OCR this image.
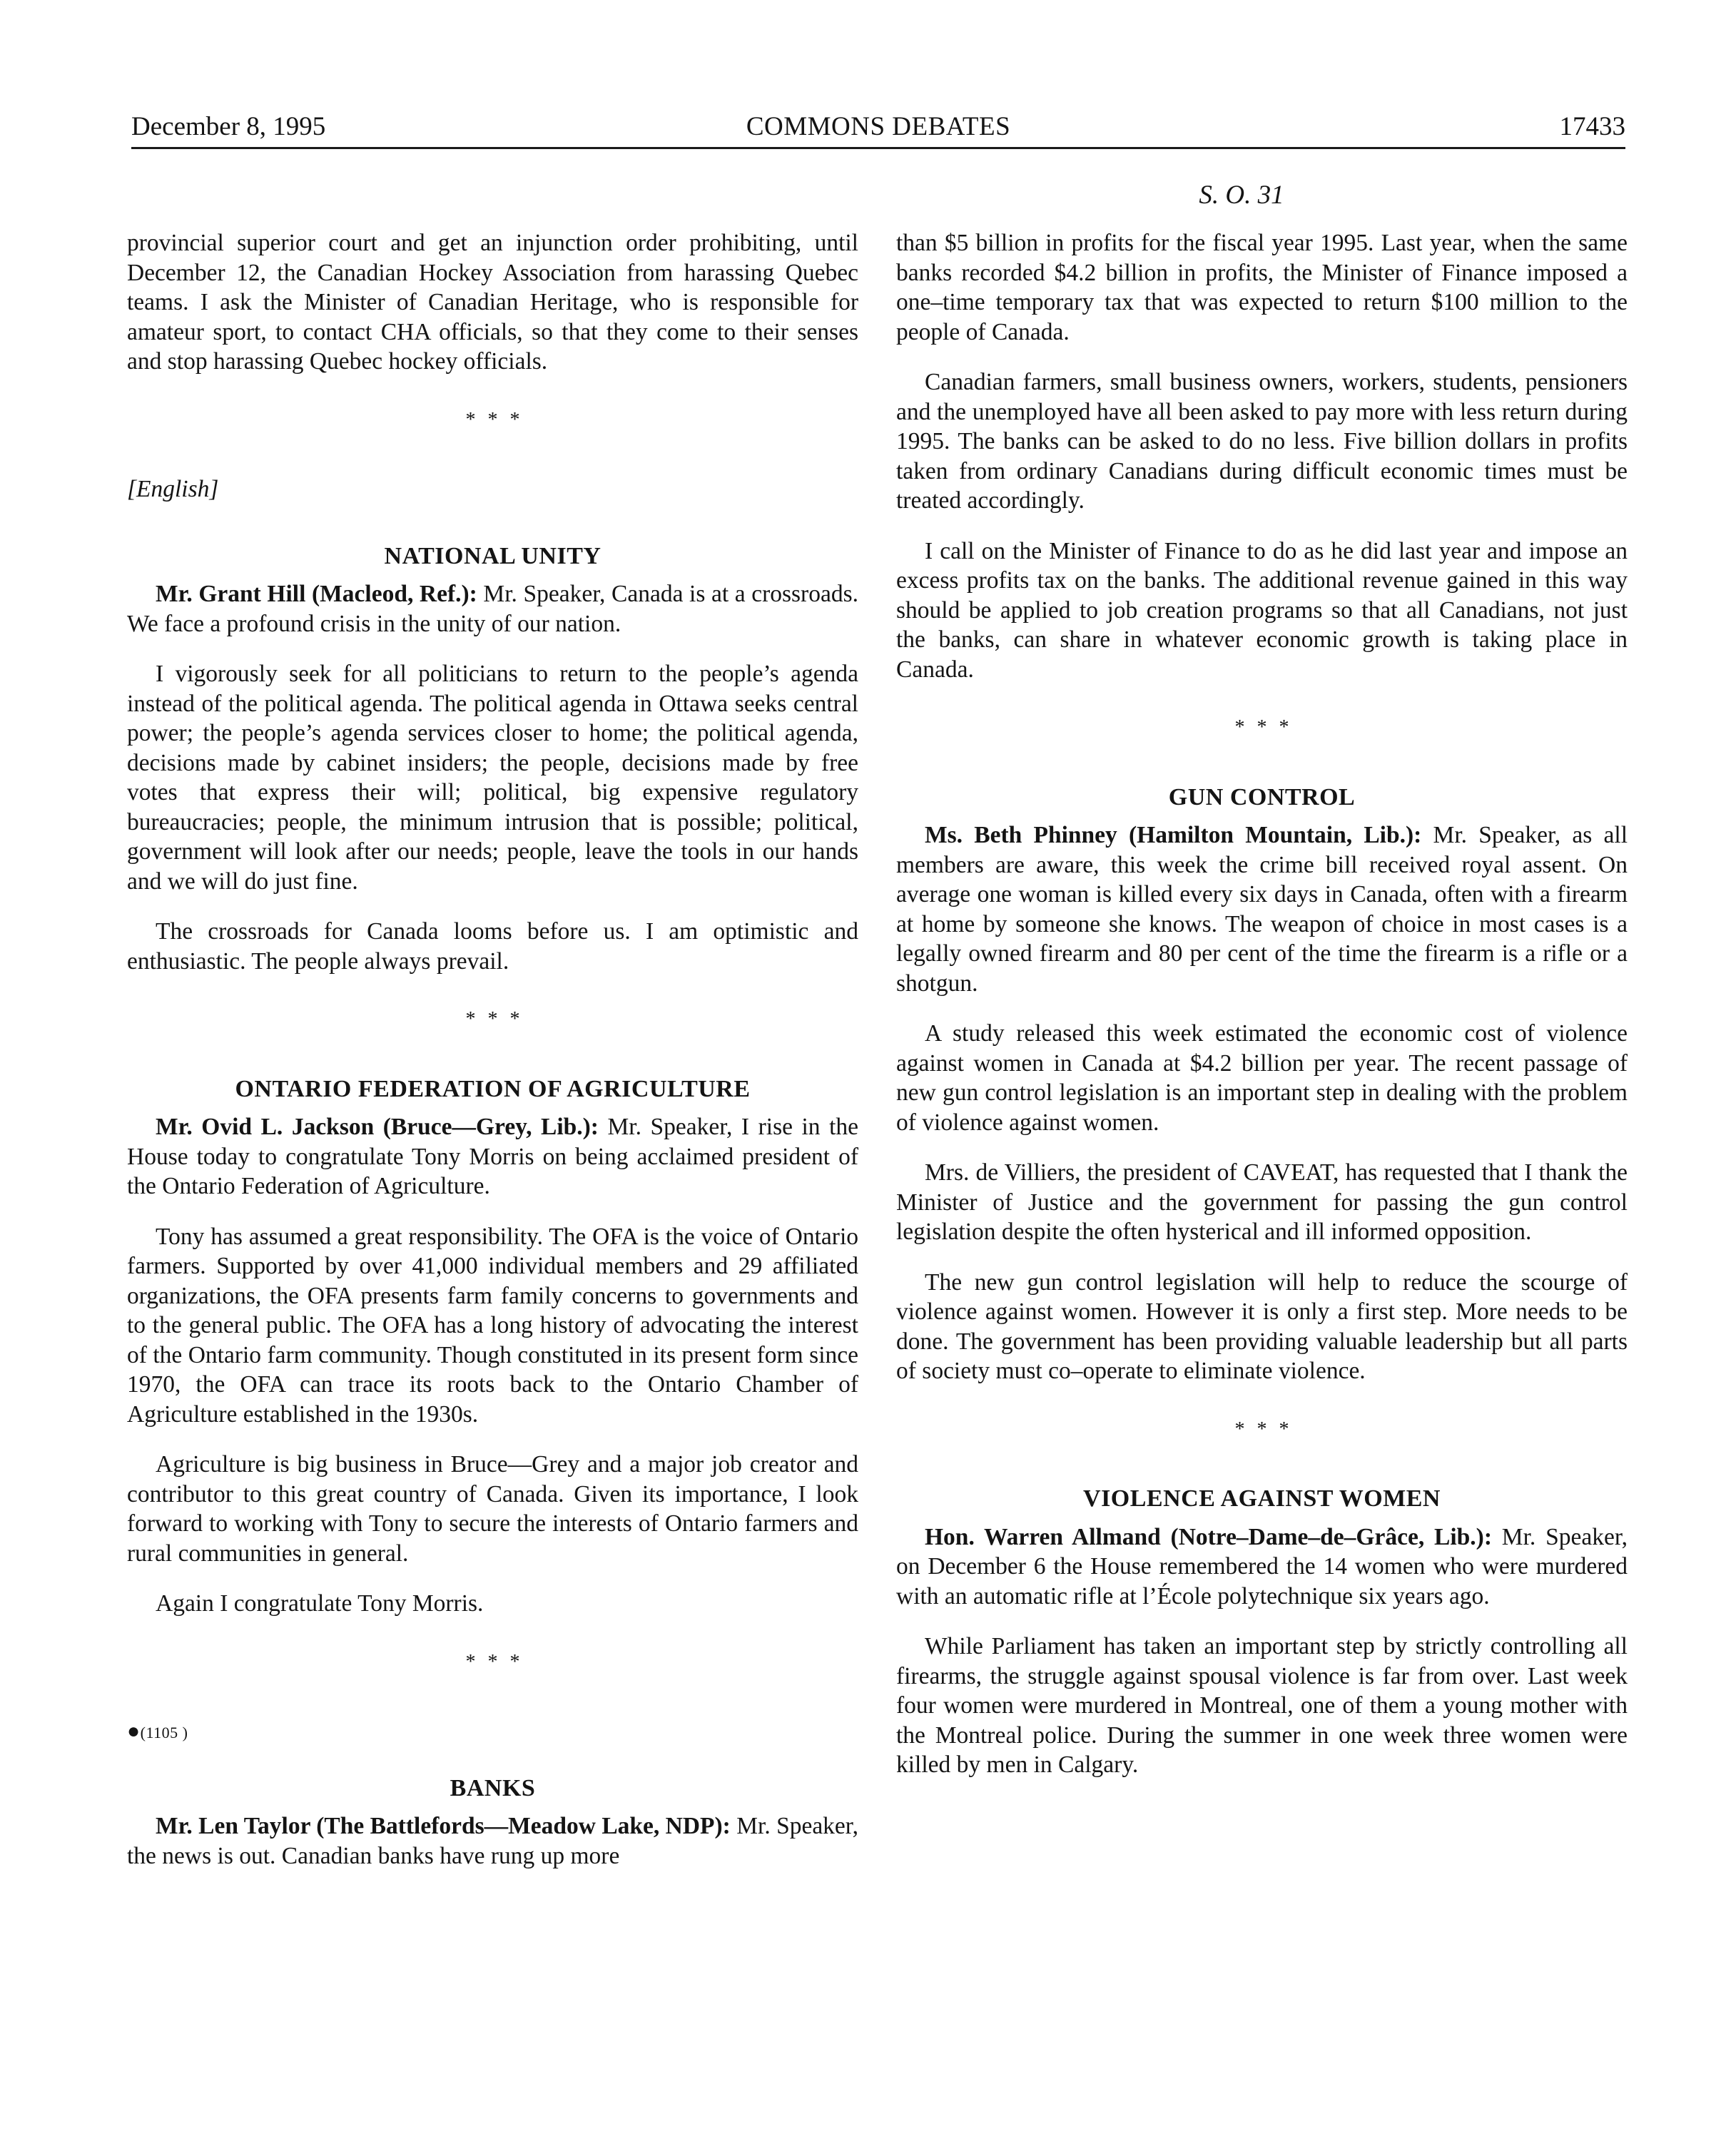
December 8, 1995	COMMONS DEBATES	17433
S. O. 31

provincial superior court and get an injunction order prohibiting, until December 12, the Canadian Hockey Association from harassing Quebec teams. I ask the Minister of Canadian Heritage, who is responsible for amateur sport, to contact CHA officials, so that they come to their senses and stop harassing Quebec hockey officials.

* * *
[English]
NATIONAL UNITY

Mr. Grant Hill (Macleod, Ref.): Mr. Speaker, Canada is at a crossroads. We face a profound crisis in the unity of our nation.

I vigorously seek for all politicians to return to the people’s agenda instead of the political agenda. The political agenda in Ottawa seeks central power; the people’s agenda services closer to home; the political agenda, decisions made by cabinet insiders; the people, decisions made by free votes that express their will; political, big expensive regulatory bureaucracies; people, the minimum intrusion that is possible; political, government will look after our needs; people, leave the tools in our hands and we will do just fine.

The crossroads for Canada looms before us. I am optimistic and enthusiastic. The people always prevail.

* * *
ONTARIO FEDERATION OF AGRICULTURE

Mr. Ovid L. Jackson (Bruce—Grey, Lib.): Mr. Speaker, I rise in the House today to congratulate Tony Morris on being acclaimed president of the Ontario Federation of Agriculture.

Tony has assumed a great responsibility. The OFA is the voice of Ontario farmers. Supported by over 41,000 individual members and 29 affiliated organizations, the OFA presents farm family concerns to governments and to the general public. The OFA has a long history of advocating the interest of the Ontario farm community. Though constituted in its present form since 1970, the OFA can trace its roots back to the Ontario Chamber of Agriculture established in the 1930s.

Agriculture is big business in Bruce—Grey and a major job creator and contributor to this great country of Canada. Given its importance, I look forward to working with Tony to secure the interests of Ontario farmers and rural communities in general.

Again I congratulate Tony Morris.

* * *
●(1105 )
BANKS

Mr. Len Taylor (The Battlefords—Meadow Lake, NDP): Mr. Speaker, the news is out. Canadian banks have rung up more

than $5 billion in profits for the fiscal year 1995. Last year, when the same banks recorded $4.2 billion in profits, the Minister of Finance imposed a one–time temporary tax that was expected to return $100 million to the people of Canada.

Canadian farmers, small business owners, workers, students, pensioners and the unemployed have all been asked to pay more with less return during 1995. The banks can be asked to do no less. Five billion dollars in profits taken from ordinary Canadians during difficult economic times must be treated accordingly.

I call on the Minister of Finance to do as he did last year and impose an excess profits tax on the banks. The additional revenue gained in this way should be applied to job creation programs so that all Canadians, not just the banks, can share in whatever economic growth is taking place in Canada.

* * *
GUN CONTROL

Ms. Beth Phinney (Hamilton Mountain, Lib.): Mr. Speaker, as all members are aware, this week the crime bill received royal assent. On average one woman is killed every six days in Canada, often with a firearm at home by someone she knows. The weapon of choice in most cases is a legally owned firearm and 80 per cent of the time the firearm is a rifle or a shotgun.

A study released this week estimated the economic cost of violence against women in Canada at $4.2 billion per year. The recent passage of new gun control legislation is an important step in dealing with the problem of violence against women.

Mrs. de Villiers, the president of CAVEAT, has requested that I thank the Minister of Justice and the government for passing the gun control legislation despite the often hysterical and ill informed opposition.

The new gun control legislation will help to reduce the scourge of violence against women. However it is only a first step. More needs to be done. The government has been providing valuable leadership but all parts of society must co–operate to eliminate violence.

* * *
VIOLENCE AGAINST WOMEN

Hon. Warren Allmand (Notre–Dame–de–Grâce, Lib.): Mr. Speaker, on December 6 the House remembered the 14 women who were murdered with an automatic rifle at l’École polytechnique six years ago.

While Parliament has taken an important step by strictly controlling all firearms, the struggle against spousal violence is far from over. Last week four women were murdered in Montreal, one of them a young mother with the Montreal police. During the summer in one week three women were killed by men in Calgary.
